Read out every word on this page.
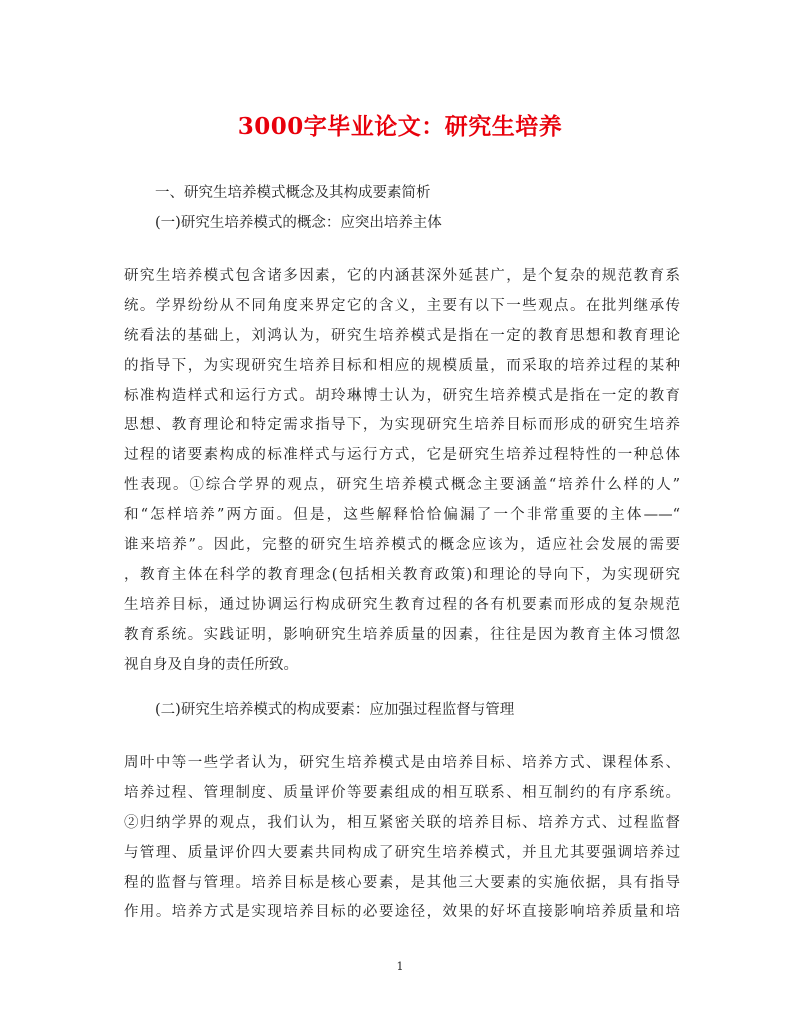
3000字毕业论文：研究生培养
一、研究生培养模式概念及其构成要素简析
(一)研究生培养模式的概念：应突出培养主体
研究生培养模式包含诸多因素，它的内涵甚深外延甚广，是个复杂的规范教育系
统。学界纷纷从不同角度来界定它的含义，主要有以下一些观点。在批判继承传
统看法的基础上，刘鸿认为，研究生培养模式是指在一定的教育思想和教育理论
的指导下，为实现研究生培养目标和相应的规模质量，而采取的培养过程的某种
标准构造样式和运行方式。胡玲琳博士认为，研究生培养模式是指在一定的教育
思想、教育理论和特定需求指导下，为实现研究生培养目标而形成的研究生培养
过程的诸要素构成的标准样式与运行方式，它是研究生培养过程特性的一种总体
性表现。①综合学界的观点，研究生培养模式概念主要涵盖“培养什么样的人”
和“怎样培养”两方面。但是，这些解释恰恰偏漏了一个非常重要的主体——“
谁来培养”。因此，完整的研究生培养模式的概念应该为，适应社会发展的需要
，教育主体在科学的教育理念(包括相关教育政策)和理论的导向下，为实现研究
生培养目标，通过协调运行构成研究生教育过程的各有机要素而形成的复杂规范
教育系统。实践证明，影响研究生培养质量的因素，往往是因为教育主体习惯忽
视自身及自身的责任所致。
(二)研究生培养模式的构成要素：应加强过程监督与管理
周叶中等一些学者认为，研究生培养模式是由培养目标、培养方式、课程体系、
培养过程、管理制度、质量评价等要素组成的相互联系、相互制约的有序系统。
②归纳学界的观点，我们认为，相互紧密关联的培养目标、培养方式、过程监督
与管理、质量评价四大要素共同构成了研究生培养模式，并且尤其要强调培养过
程的监督与管理。培养目标是核心要素，是其他三大要素的实施依据，具有指导
作用。培养方式是实现培养目标的必要途径，效果的好坏直接影响培养质量和培
1
